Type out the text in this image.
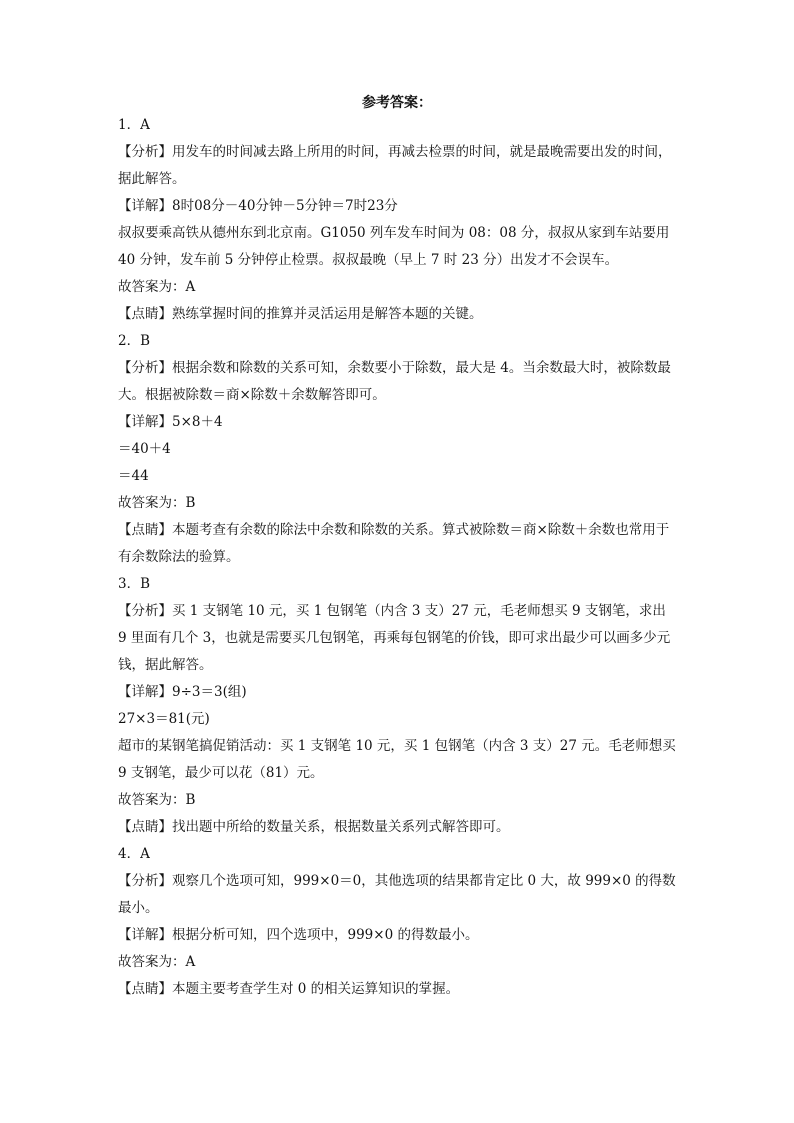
参考答案：
1．A
【分析】用发车的时间减去路上所用的时间，再减去检票的时间，就是最晚需要出发的时间，据此解答。
【详解】8时08分－40分钟－5分钟＝7时23分
叔叔要乘高铁从德州东到北京南。G1050 列车发车时间为 08：08 分，叔叔从家到车站要用 40 分钟，发车前 5 分钟停止检票。叔叔最晚（早上 7 时 23 分）出发才不会误车。
故答案为：A
【点睛】熟练掌握时间的推算并灵活运用是解答本题的关键。
2．B
【分析】根据余数和除数的关系可知，余数要小于除数，最大是 4。当余数最大时，被除数最大。根据被除数＝商×除数＋余数解答即可。
【详解】5×8＋4
＝40＋4
＝44
故答案为：B
【点睛】本题考查有余数的除法中余数和除数的关系。算式被除数＝商×除数＋余数也常用于有余数除法的验算。
3．B
【分析】买 1 支钢笔 10 元，买 1 包钢笔（内含 3 支）27 元，毛老师想买 9 支钢笔，求出 9 里面有几个 3，也就是需要买几包钢笔，再乘每包钢笔的价钱，即可求出最少可以画多少元钱，据此解答。
【详解】9÷3＝3(组)
27×3＝81(元)
超市的某钢笔搞促销活动：买 1 支钢笔 10 元，买 1 包钢笔（内含 3 支）27 元。毛老师想买 9 支钢笔，最少可以花（81）元。
故答案为：B
【点睛】找出题中所给的数量关系，根据数量关系列式解答即可。
4．A
【分析】观察几个选项可知，999×0＝0，其他选项的结果都肯定比 0 大，故 999×0 的得数最小。
【详解】根据分析可知，四个选项中，999×0 的得数最小。
故答案为：A
【点睛】本题主要考查学生对 0 的相关运算知识的掌握。
